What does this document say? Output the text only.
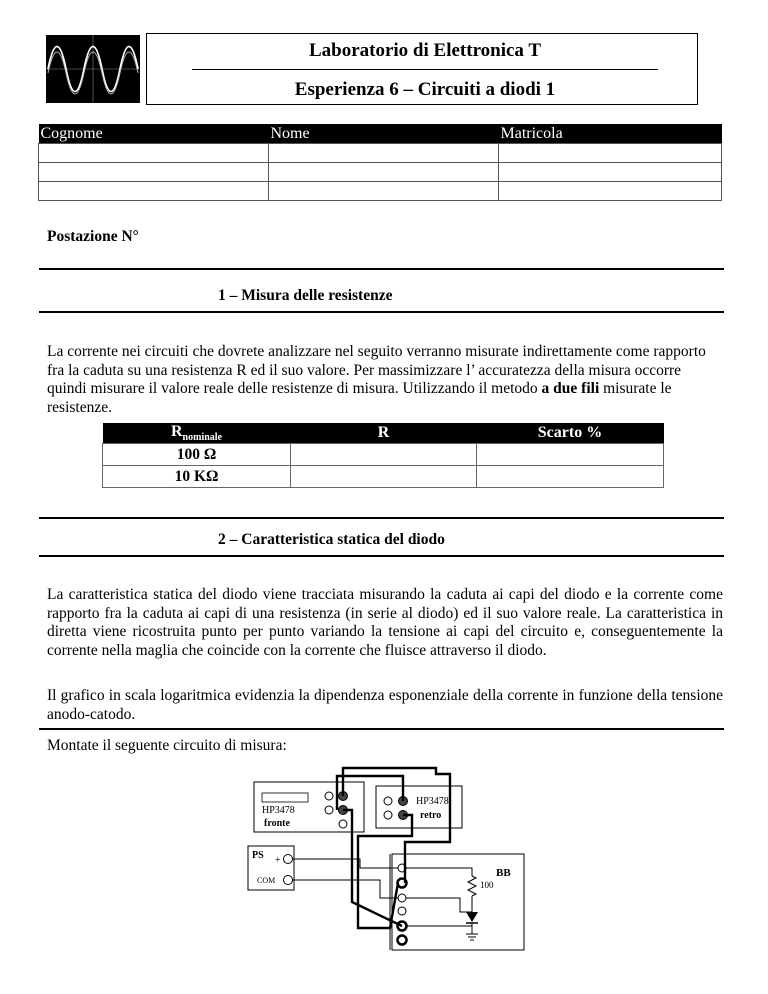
Laboratorio di Elettronica T
Esperienza 6 – Circuiti a diodi 1
Cognome	Nome	Matricola

Postazione N°
1 – Misura delle resistenze
La corrente nei circuiti che dovrete analizzare nel seguito verranno misurate indirettamente come rapporto fra la caduta su una resistenza R ed il suo valore. Per massimizzare l’ accuratezza della misura occorre quindi misurare il valore reale delle resistenze di misura. Utilizzando il metodo a due fili misurate le resistenze.
$R_{nominale}$	R	Scarto %
100 Ω		
10 KΩ		
2 – Caratteristica statica del diodo
La caratteristica statica del diodo viene tracciata misurando la caduta ai capi del diodo e la corrente come rapporto fra la caduta ai capi di una resistenza (in serie al diodo) ed il suo valore reale. La caratteristica in diretta viene ricostruita punto per punto variando la tensione ai capi del circuito e, conseguentemente la corrente nella maglia che coincide con la corrente che fluisce attraverso il diodo.
Il grafico in scala logaritmica evidenzia la dipendenza esponenziale della corrente in funzione della tensione anodo-catodo.
Montate il seguente circuito di misura:
HP3478
fronte
HP3478
retro
PS +
COM
BB
100
